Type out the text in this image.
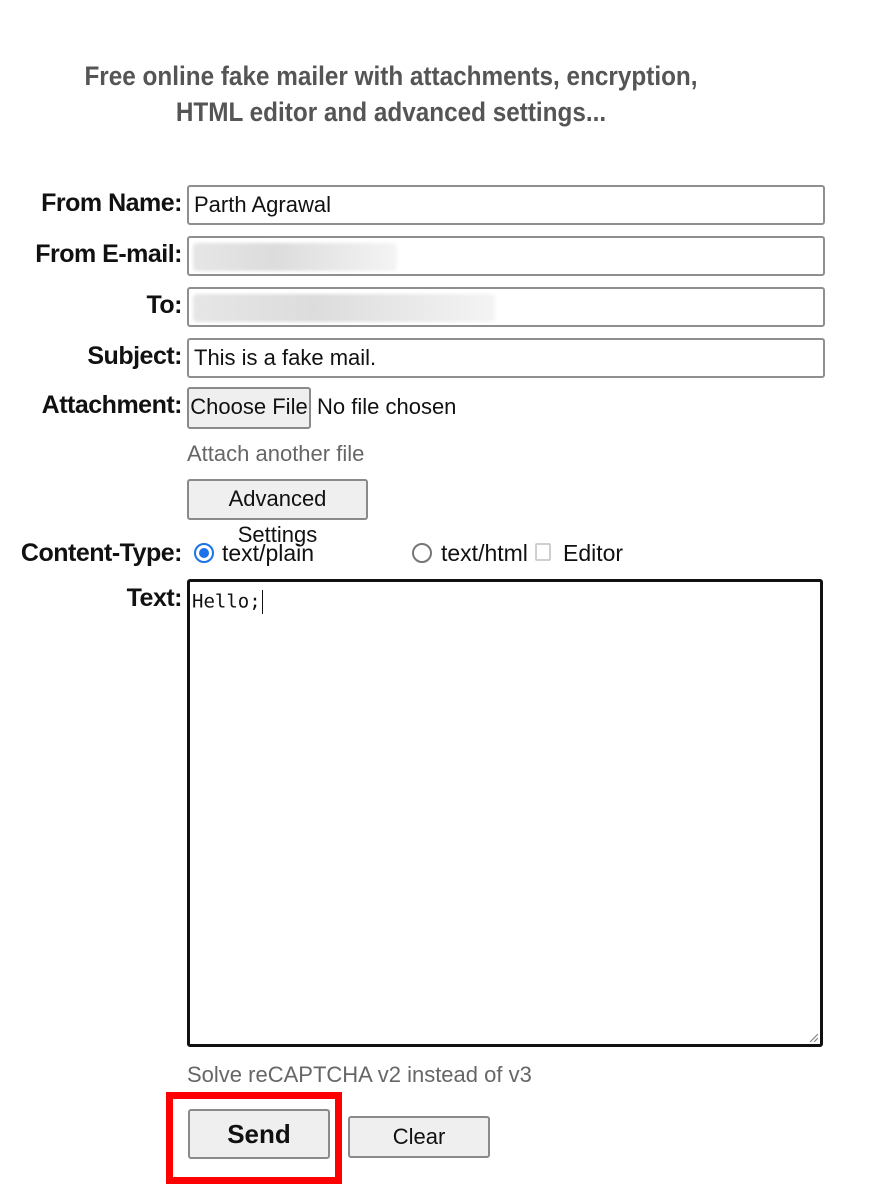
Free online fake mailer with attachments, encryption,
HTML editor and advanced settings...
From Name: Parth Agrawal
From E-mail:
To:
Subject: This is a fake mail.
Attachment: Choose File No file chosen
Attach another file
Advanced Settings
Content-Type: text/plain	text/html Editor
Text: Hello;
Solve reCAPTCHA v2 instead of v3
Send	Clear
